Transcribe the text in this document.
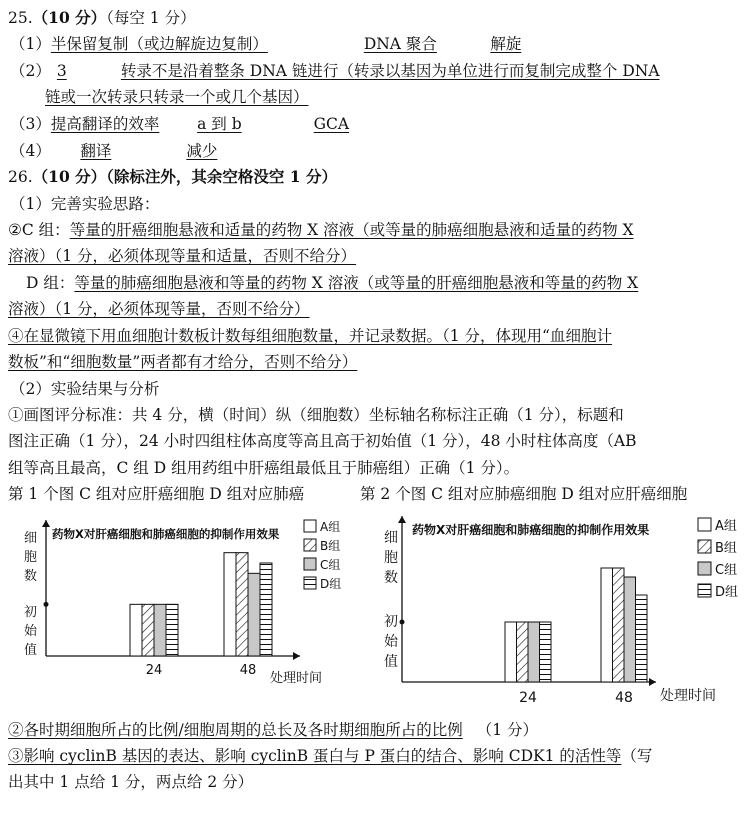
25.（10 分）（每空 1 分）
（1）半保留复制（或边解旋边复制）	DNA 聚合	解旋
（2） 3	转录不是沿着整条 DNA 链进行（转录以基因为单位进行而复制完成整个 DNA
链或一次转录只转录一个或几个基因）
（3）提高翻译的效率 a 到 b	GCA
（4） 翻译	减少
26.（10 分）（除标注外，其余空格没空 1 分）
（1）完善实验思路：
②C 组：等量的肝癌细胞悬液和适量的药物 X 溶液（或等量的肺癌细胞悬液和适量的药物 X
溶液）（1 分，必须体现等量和适量，否则不给分）
D 组：等量的肺癌细胞悬液和等量的药物 X 溶液（或等量的肝癌细胞悬液和等量的药物 X
溶液）（1 分，必须体现等量，否则不给分）
④在显微镜下用血细胞计数板计数每组细胞数量，并记录数据。（1 分，体现用“血细胞计
数板”和“细胞数量”两者都有才给分，否则不给分）
（2）实验结果与分析
①画图评分标准：共 4 分，横（时间）纵（细胞数）坐标轴名称标注正确（1 分），标题和
图注正确（1 分），24 小时四组柱体高度等高且高于初始值（1 分），48 小时柱体高度（AB
组等高且最高，C 组 D 组用药组中肝癌组最低且于肺癌组）正确（1 分）。
第 1 个图 C 组对应肝癌细胞 D 组对应肺癌	第 2 个图 C 组对应肺癌细胞 D 组对应肝癌细胞
细
胞
数
初
始
值
药物X对肝癌细胞和肺癌细胞的抑制作用效果
24	48
处理时间
A组
B组
C组
D组
细
胞
数
初
始
值
药物X对肝癌细胞和肺癌细胞的抑制作用效果
24	48 处理时间
A组
B组
C组
D组
②各时期细胞所占的比例/细胞周期的总长及各时期细胞所占的比例 （1 分）
③影响 cyclinB 基因的表达、影响 cyclinB 蛋白与 P 蛋白的结合、影响 CDK1 的活性等（写
出其中 1 点给 1 分，两点给 2 分）
